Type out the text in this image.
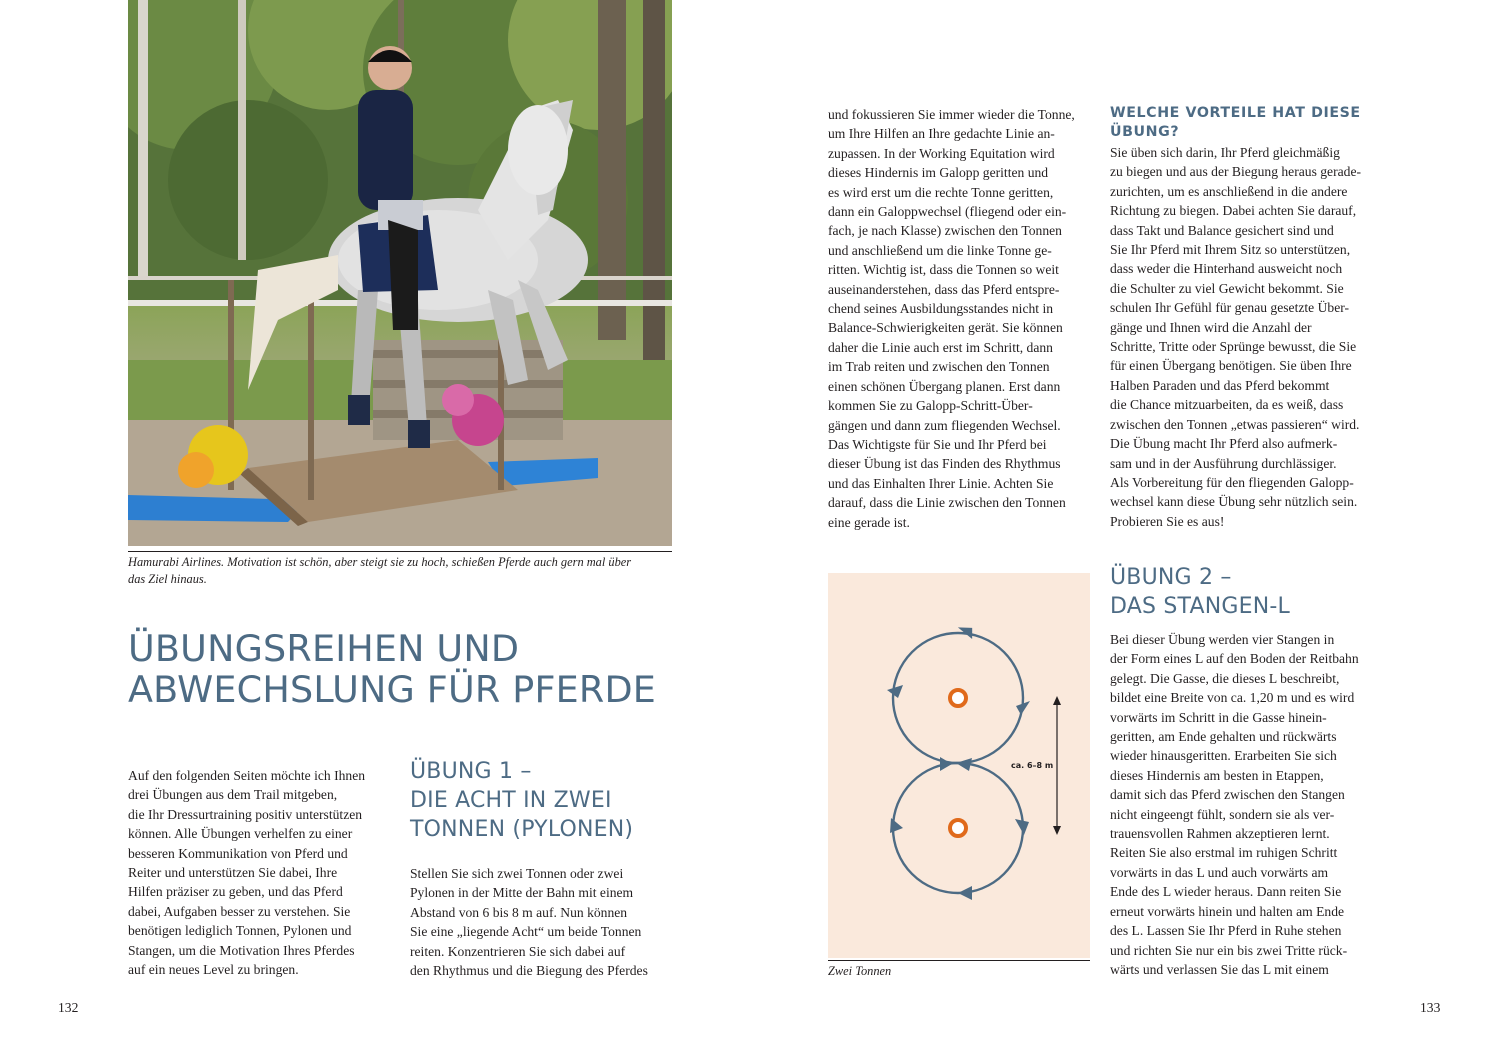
Hamurabi Airlines. Motivation ist schön, aber steigt sie zu hoch, schießen Pferde auch gern mal über

das Ziel hinaus.

ÜBUNGSREIHEN UND
ABWECHSLUNG FÜR PFERDE

Auf den folgenden Seiten möchte ich Ihnen

drei Übungen aus dem Trail mitgeben,

die Ihr Dressurtraining positiv unterstützen

können. Alle Übungen verhelfen zu einer

besseren Kommunikation von Pferd und

Reiter und unterstützen Sie dabei, Ihre

Hilfen präziser zu geben, und das Pferd

dabei, Aufgaben besser zu verstehen. Sie

benötigen lediglich Tonnen, Pylonen und

Stangen, um die Motivation Ihres Pferdes

auf ein neues Level zu bringen.

ÜBUNG 1 –
DIE ACHT IN ZWEI
TONNEN (PYLONEN)

Stellen Sie sich zwei Tonnen oder zwei

Pylonen in der Mitte der Bahn mit einem

Abstand von 6 bis 8 m auf. Nun können

Sie eine „liegende Acht“ um beide Tonnen

reiten. Konzentrieren Sie sich dabei auf

den Rhythmus und die Biegung des Pferdes

132

und fokussieren Sie immer wieder die Tonne,

um Ihre Hilfen an Ihre gedachte Linie an-

zupassen. In der Working Equitation wird

dieses Hindernis im Galopp geritten und

es wird erst um die rechte Tonne geritten,

dann ein Galoppwechsel (fliegend oder ein-

fach, je nach Klasse) zwischen den Tonnen

und anschließend um die linke Tonne ge-

ritten. Wichtig ist, dass die Tonnen so weit

auseinanderstehen, dass das Pferd entspre-

chend seines Ausbildungsstandes nicht in

Balance-Schwierigkeiten gerät. Sie können

daher die Linie auch erst im Schritt, dann

im Trab reiten und zwischen den Tonnen

einen schönen Übergang planen. Erst dann

kommen Sie zu Galopp-Schritt-Über-

gängen und dann zum fliegenden Wechsel.

Das Wichtigste für Sie und Ihr Pferd bei

dieser Übung ist das Finden des Rhythmus

und das Einhalten Ihrer Linie. Achten Sie

darauf, dass die Linie zwischen den Tonnen

eine gerade ist.

WELCHE VORTEILE HAT DIESE
ÜBUNG?

Sie üben sich darin, Ihr Pferd gleichmäßig

zu biegen und aus der Biegung heraus gerade-

zurichten, um es anschließend in die andere

Richtung zu biegen. Dabei achten Sie darauf,

dass Takt und Balance gesichert sind und

Sie Ihr Pferd mit Ihrem Sitz so unterstützen,

dass weder die Hinterhand ausweicht noch

die Schulter zu viel Gewicht bekommt. Sie

schulen Ihr Gefühl für genau gesetzte Über-

gänge und Ihnen wird die Anzahl der

Schritte, Tritte oder Sprünge bewusst, die Sie

für einen Übergang benötigen. Sie üben Ihre

Halben Paraden und das Pferd bekommt

die Chance mitzuarbeiten, da es weiß, dass

zwischen den Tonnen „etwas passieren“ wird.

Die Übung macht Ihr Pferd also aufmerk-

sam und in der Ausführung durchlässiger.

Als Vorbereitung für den fliegenden Galopp-

wechsel kann diese Übung sehr nützlich sein.

Probieren Sie es aus!

ÜBUNG 2 –
DAS STANGEN-L

Bei dieser Übung werden vier Stangen in

der Form eines L auf den Boden der Reitbahn

gelegt. Die Gasse, die dieses L beschreibt,

bildet eine Breite von ca. 1,20 m und es wird

vorwärts im Schritt in die Gasse hinein-

geritten, am Ende gehalten und rückwärts

wieder hinausgeritten. Erarbeiten Sie sich

dieses Hindernis am besten in Etappen,

damit sich das Pferd zwischen den Stangen

nicht eingeengt fühlt, sondern sie als ver-

trauensvollen Rahmen akzeptieren lernt.

Reiten Sie also erstmal im ruhigen Schritt

vorwärts in das L und auch vorwärts am

Ende des L wieder heraus. Dann reiten Sie

erneut vorwärts hinein und halten am Ende

des L. Lassen Sie Ihr Pferd in Ruhe stehen

und richten Sie nur ein bis zwei Tritte rück-

wärts und verlassen Sie das L mit einem

ca. 6–8 m
Zwei Tonnen
133
